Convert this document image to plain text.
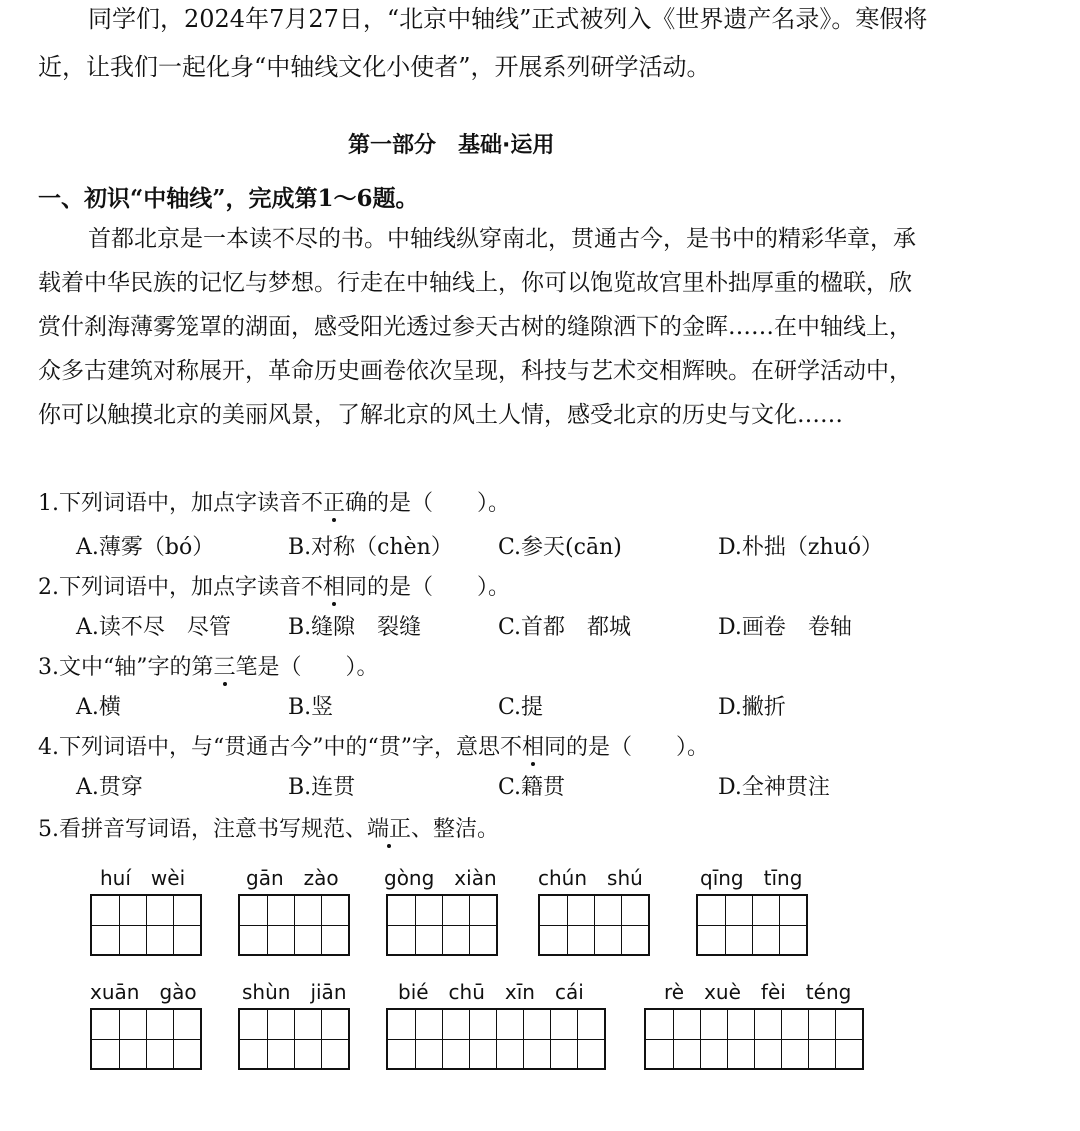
同学们，2024年7月27日，“北京中轴线”正式被列入《世界遗产名录》。寒假将
近，让我们一起化身“中轴线文化小使者”，开展系列研学活动。
第一部分　基础·运用
一、初识“中轴线”，完成第1～6题。
首都北京是一本读不尽的书。中轴线纵穿南北，贯通古今，是书中的精彩华章，承
载着中华民族的记忆与梦想。行走在中轴线上，你可以饱览故宫里朴拙厚重的楹联，欣
赏什刹海薄雾笼罩的湖面，感受阳光透过参天古树的缝隙洒下的金晖……在中轴线上，
众多古建筑对称展开，革命历史画卷依次呈现，科技与艺术交相辉映。在研学活动中，
你可以触摸北京的美丽风景，了解北京的风土人情，感受北京的历史与文化……
1.下列词语中，加点字读音不正确的是（　　）。
A.薄雾（bó）	B.对称（chèn） C.参天(cān)	D.朴拙（zhuó）
2.下列词语中，加点字读音不相同的是（　　）。
A.读不尽　尽管	B.缝隙　裂缝	C.首都　都城	D.画卷　卷轴
3.文中“轴”字的第三笔是（　　）。
A.横	B.竖	C.提	D.撇折
4.下列词语中，与“贯通古今”中的“贯”字，意思不相同的是（　　）。
A.贯穿	B.连贯	C.籍贯	D.全神贯注
5.看拼音写词语，注意书写规范、端正、整洁。
huí　wèi	gān　zào gòng　xiàn chún　shú	qīng　tīng
xuān　gào shùn　jiān	bié　chū　xīn　cái	rè　xuè　fèi　téng
